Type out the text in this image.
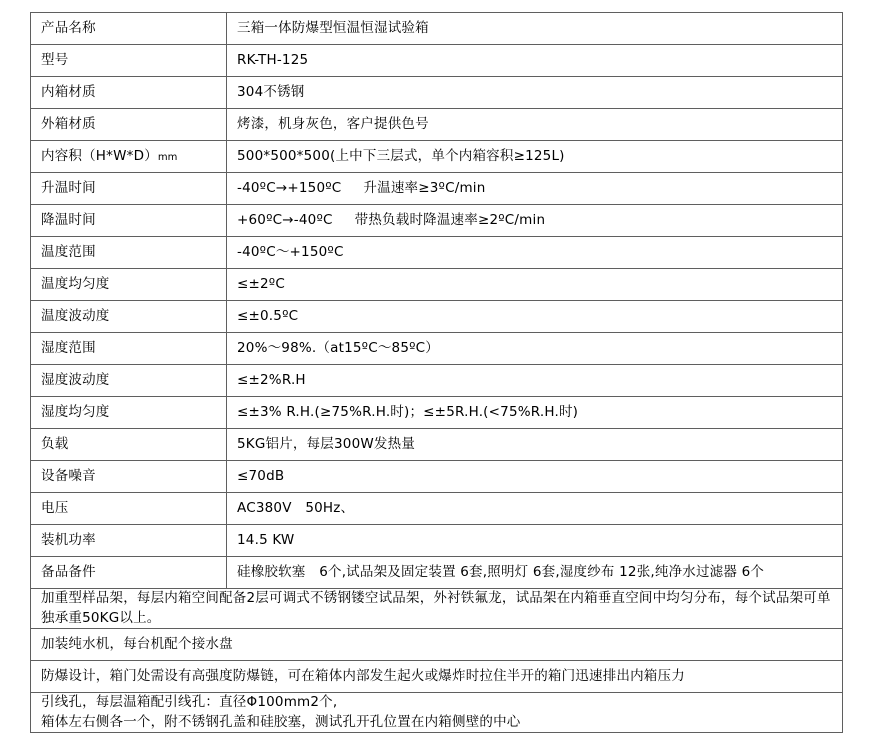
产品名称	三箱一体防爆型恒温恒湿试验箱
型号	RK-TH-125
内箱材质	304不锈钢
外箱材质	烤漆，机身灰色，客户提供色号
内容积（H*W*D）mm	500*500*500(上中下三层式，单个内箱容积≥125L)
升温时间	-40ºC→+150ºC 升温速率≥3ºC/min
降温时间	+60ºC→-40ºC 带热负载时降温速率≥2ºC/min
温度范围	-40ºC～+150ºC
温度均匀度	≤±2ºC
温度波动度	≤±0.5ºC
湿度范围	20%～98%.（at15ºC～85ºC）
湿度波动度	≤±2%R.H
湿度均匀度	≤±3% R.H.(≥75%R.H.时)；≤±5R.H.(<75%R.H.时)
负载	5KG铝片，每层300W发热量
设备噪音	≤70dB
电压	AC380V　50Hz、
装机功率	14.5 KW
备品备件	硅橡胶软塞　6个,试品架及固定装置 6套,照明灯 6套,湿度纱布 12张,纯净水过滤器 6个
加重型样品架，每层内箱空间配备2层可调式不锈钢镂空试品架，外衬铁氟龙，试品架在内箱垂直空间中均匀分布，每个试品架可单独承重50KG以上。	
加装纯水机，每台机配个接水盘	
防爆设计，箱门处需设有高强度防爆链，可在箱体内部发生起火或爆炸时拉住半开的箱门迅速排出内箱压力	

引线孔，每层温箱配引线孔：直径Φ100mm2个,
箱体左右侧各一个，附不锈钢孔盖和硅胶塞，测试孔开孔位置在内箱侧壁的中心	
